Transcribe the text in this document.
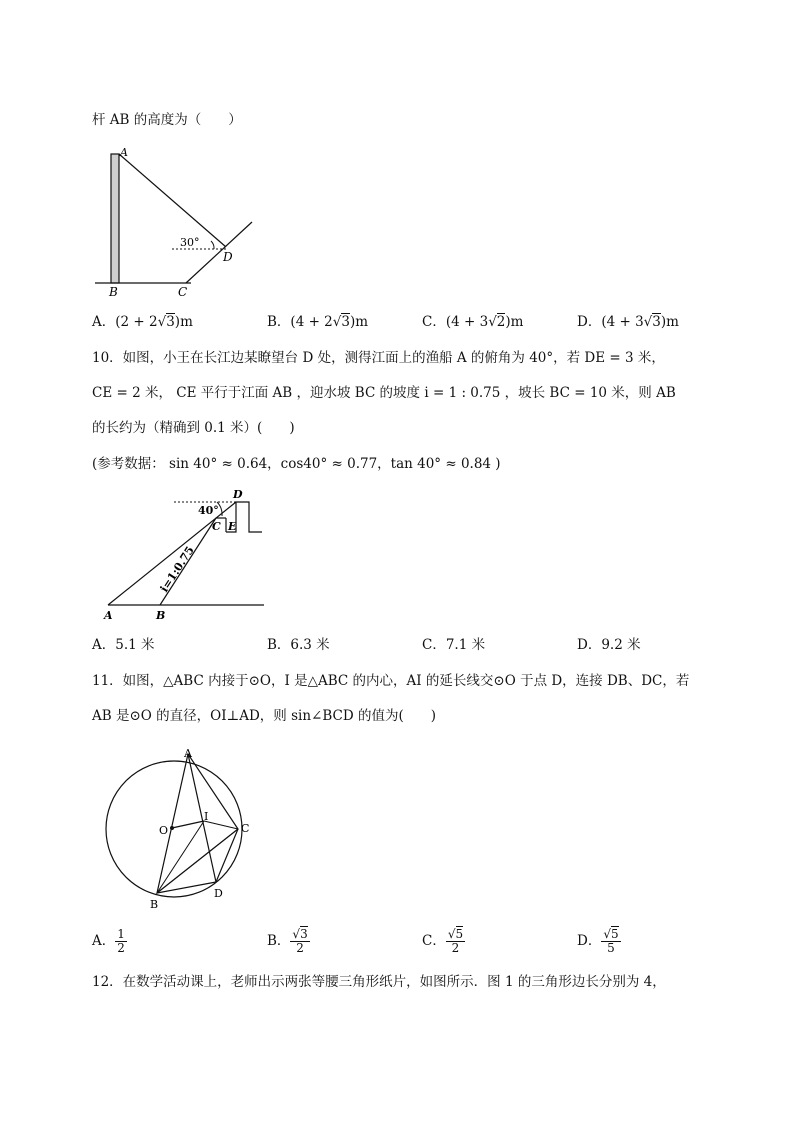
杆 AB 的高度为（　　）
A
B	C
D
30°
A．(2 + 2√3)m	B．(4 + 2√3)m	C．(4 + 3√2)m	D．(4 + 3√3)m
10．如图，小王在长江边某瞭望台 D 处，测得江面上的渔船 A 的俯角为 40°，若 DE = 3 米，
CE = 2 米， CE 平行于江面 AB ，迎水坡 BC 的坡度 i = 1 : 0.75 ，坡长 BC = 10 米，则 AB
的长约为（精确到 0.1 米）(　　)
(参考数据： sin 40° ≈ 0.64，cos40° ≈ 0.77，tan 40° ≈ 0.84 )
D
C E
A	B
40°
i=1:0.75
A．5.1 米	B．6.3 米	C．7.1 米	D．9.2 米
11．如图，△ABC 内接于⊙O，I 是△ABC 的内心，AI 的延长线交⊙O 于点 D，连接 DB、DC，若
AB 是⊙O 的直径，OI⊥AD，则 sin∠BCD 的值为(　　)
A
B
C
D
O
I
A． $\frac{1}{2}$	B． $\frac{√3}{2}$	C． $\frac{√5}{2}$	D． $\frac{√5}{5}$
12．在数学活动课上，老师出示两张等腰三角形纸片，如图所示．图 1 的三角形边长分别为 4，
